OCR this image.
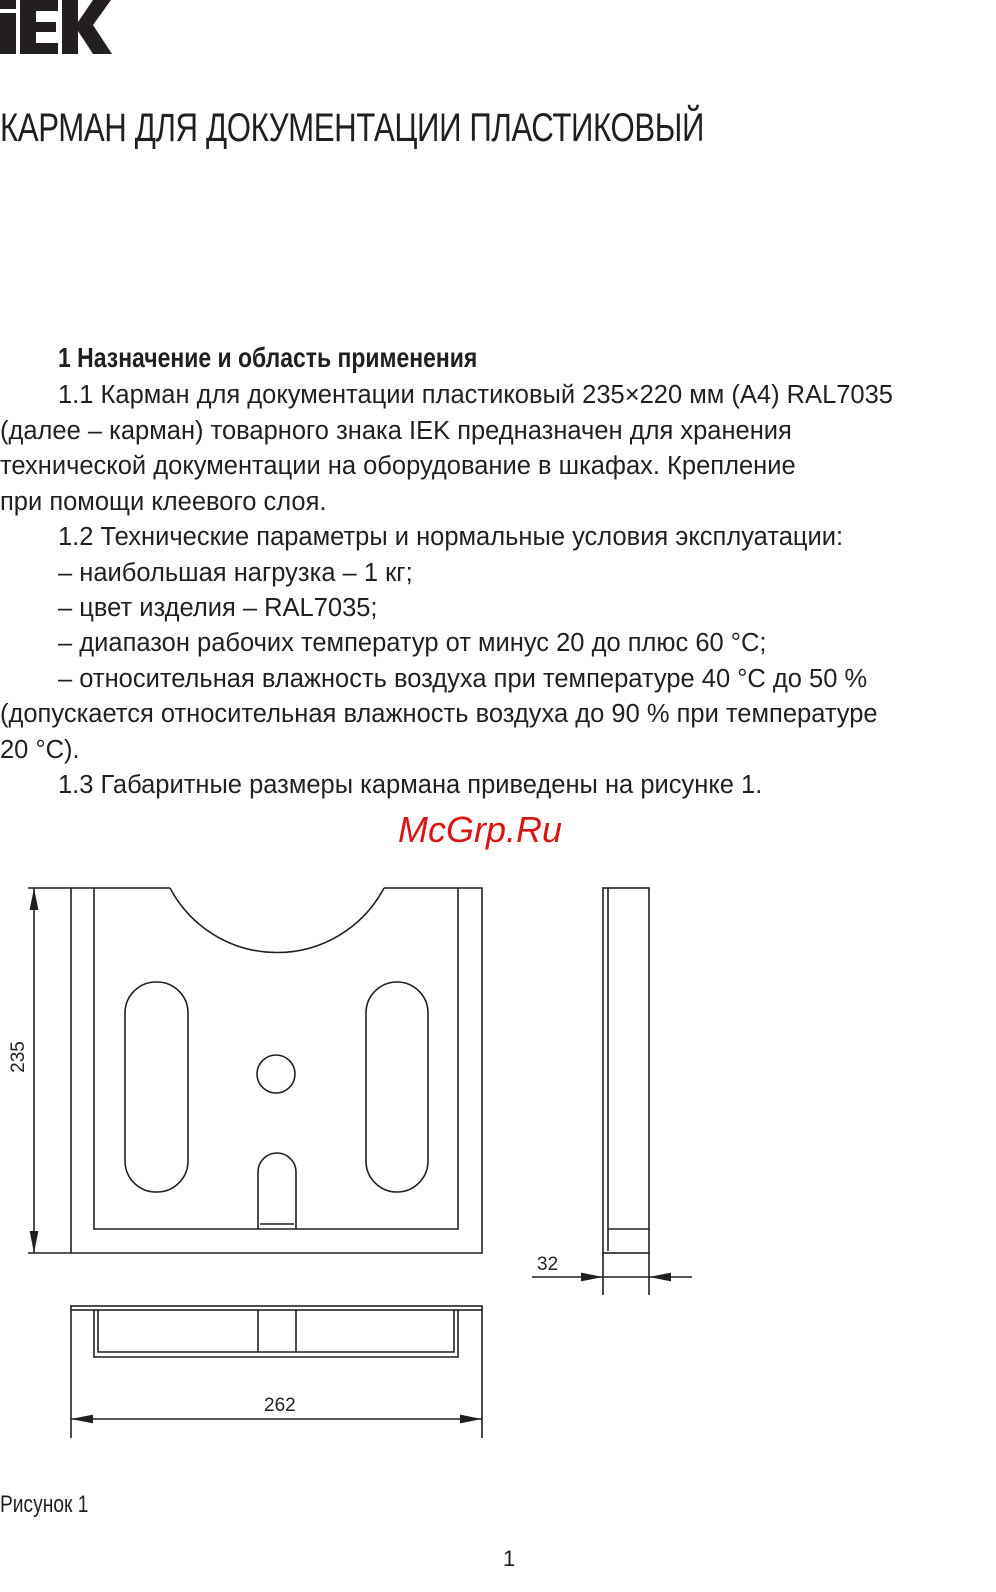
КАРМАН ДЛЯ ДОКУМЕНТАЦИИ ПЛАСТИКОВЫЙ
1 Назначение и область применения
1.1 Карман для документации пластиковый 235×220 мм (А4) RAL7035
(далее – карман) товарного знака IEK предназначен для хранения
технической документации на оборудование в шкафах. Крепление
при помощи клеевого слоя.
1.2 Технические параметры и нормальные условия эксплуатации:
– наибольшая нагрузка – 1 кг;
– цвет изделия – RAL7035;
– диапазон рабочих температур от минус 20 до плюс 60 °С;
– относительная влажность воздуха при температуре 40 °С до 50 %
(допускается относительная влажность воздуха до 90 % при температуре
20 °С).
1.3 Габаритные размеры кармана приведены на рисунке 1.
McGrp.Ru
235
32
262
Рисунок 1
1
